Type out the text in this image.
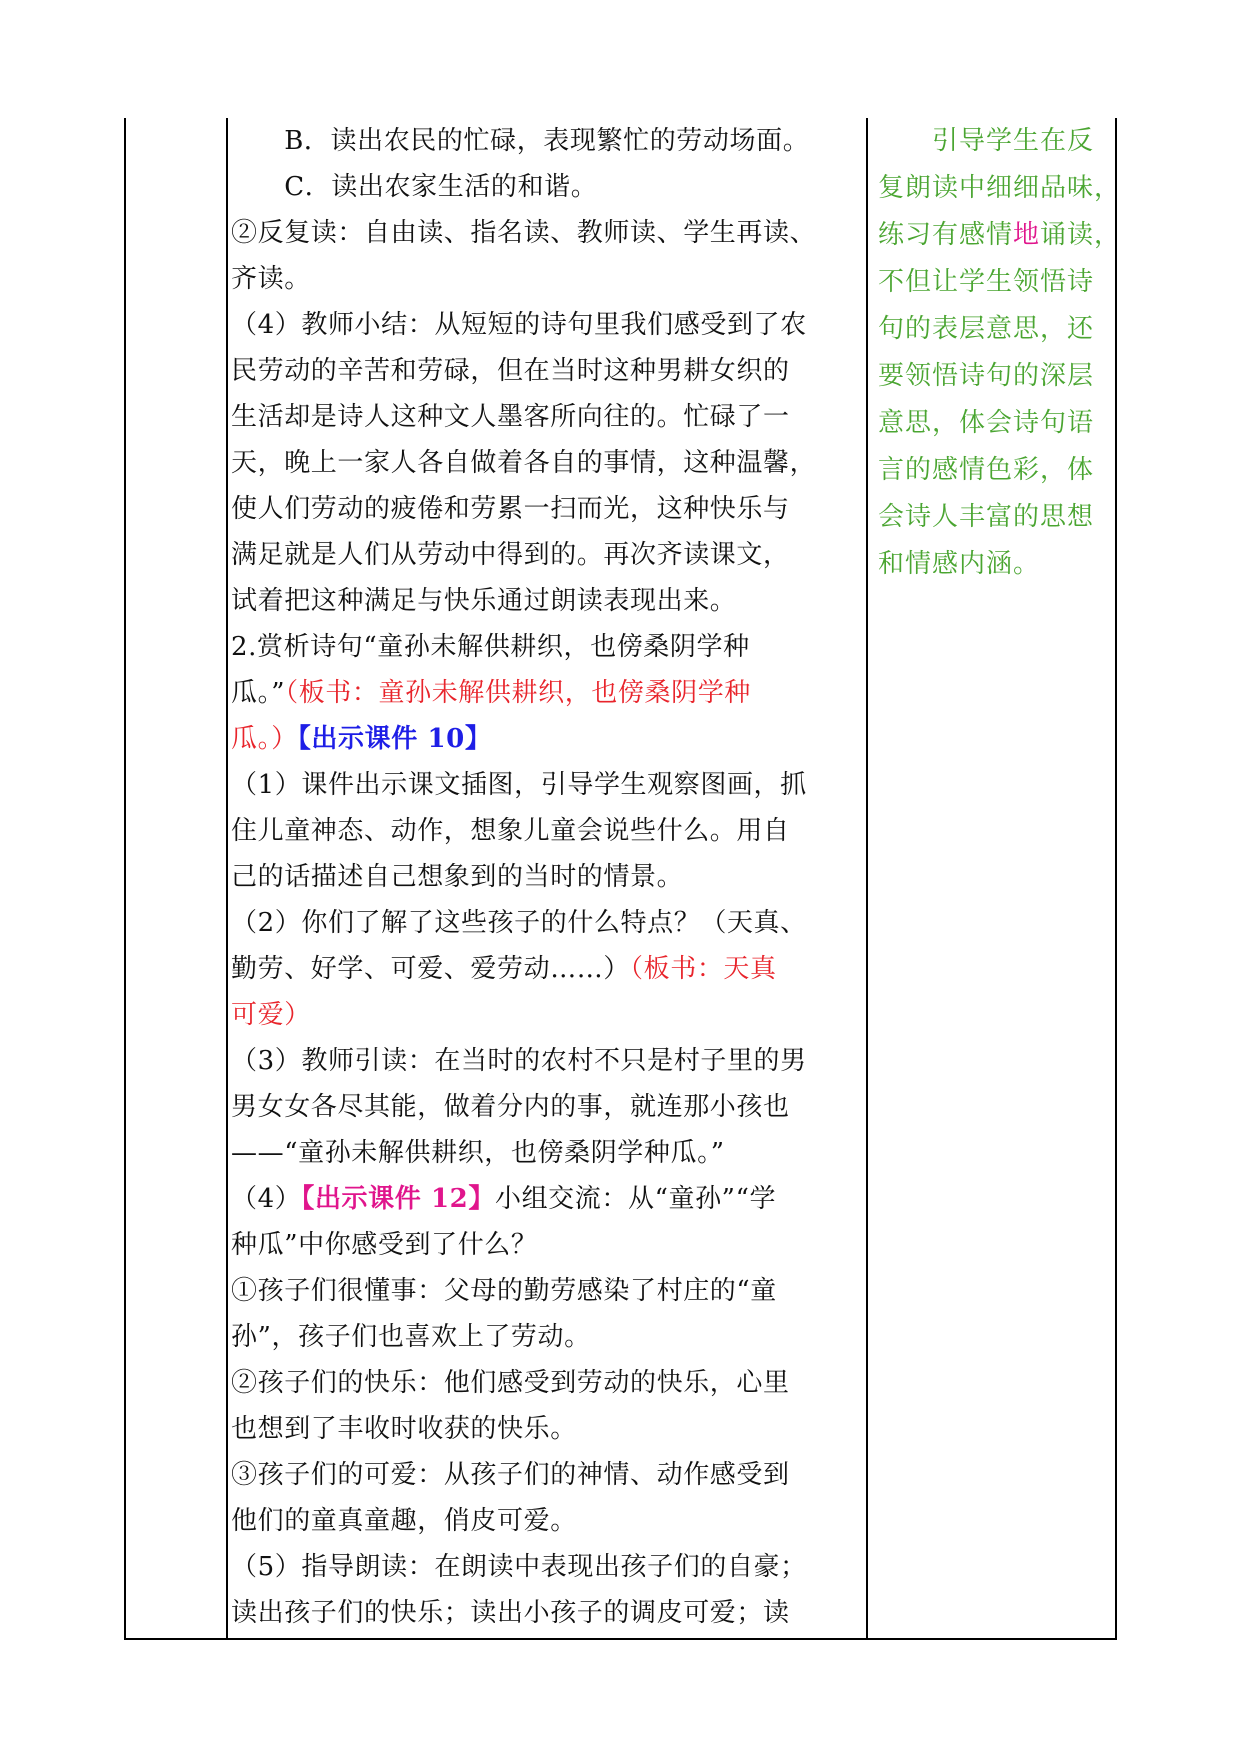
　　B．读出农民的忙碌，表现繁忙的劳动场面。
　　C．读出农家生活的和谐。
②反复读：自由读、指名读、教师读、学生再读、
齐读。
（4）教师小结：从短短的诗句里我们感受到了农
民劳动的辛苦和劳碌，但在当时这种男耕女织的
生活却是诗人这种文人墨客所向往的。忙碌了一
天，晚上一家人各自做着各自的事情，这种温馨，
使人们劳动的疲倦和劳累一扫而光，这种快乐与
满足就是人们从劳动中得到的。再次齐读课文，
试着把这种满足与快乐通过朗读表现出来。
2.赏析诗句“童孙未解供耕织，也傍桑阴学种
瓜。”（板书：童孙未解供耕织，也傍桑阴学种
瓜。）【出示课件 10】
（1）课件出示课文插图，引导学生观察图画，抓
住儿童神态、动作，想象儿童会说些什么。用自
己的话描述自己想象到的当时的情景。
（2）你们了解了这些孩子的什么特点？（天真、
勤劳、好学、可爱、爱劳动……）（板书：天真
可爱）
（3）教师引读：在当时的农村不只是村子里的男
男女女各尽其能，做着分内的事，就连那小孩也
——“童孙未解供耕织，也傍桑阴学种瓜。”
（4）【出示课件 12】小组交流：从“童孙”“学
种瓜”中你感受到了什么？
①孩子们很懂事：父母的勤劳感染了村庄的“童
孙”，孩子们也喜欢上了劳动。
②孩子们的快乐：他们感受到劳动的快乐，心里
也想到了丰收时收获的快乐。
③孩子们的可爱：从孩子们的神情、动作感受到
他们的童真童趣，俏皮可爱。
（5）指导朗读：在朗读中表现出孩子们的自豪；
读出孩子们的快乐；读出小孩子的调皮可爱；读
　　引导学生在反
复朗读中细细品味，
练习有感情地诵读，
不但让学生领悟诗
句的表层意思，还
要领悟诗句的深层
意思，体会诗句语
言的感情色彩，体
会诗人丰富的思想
和情感内涵。
